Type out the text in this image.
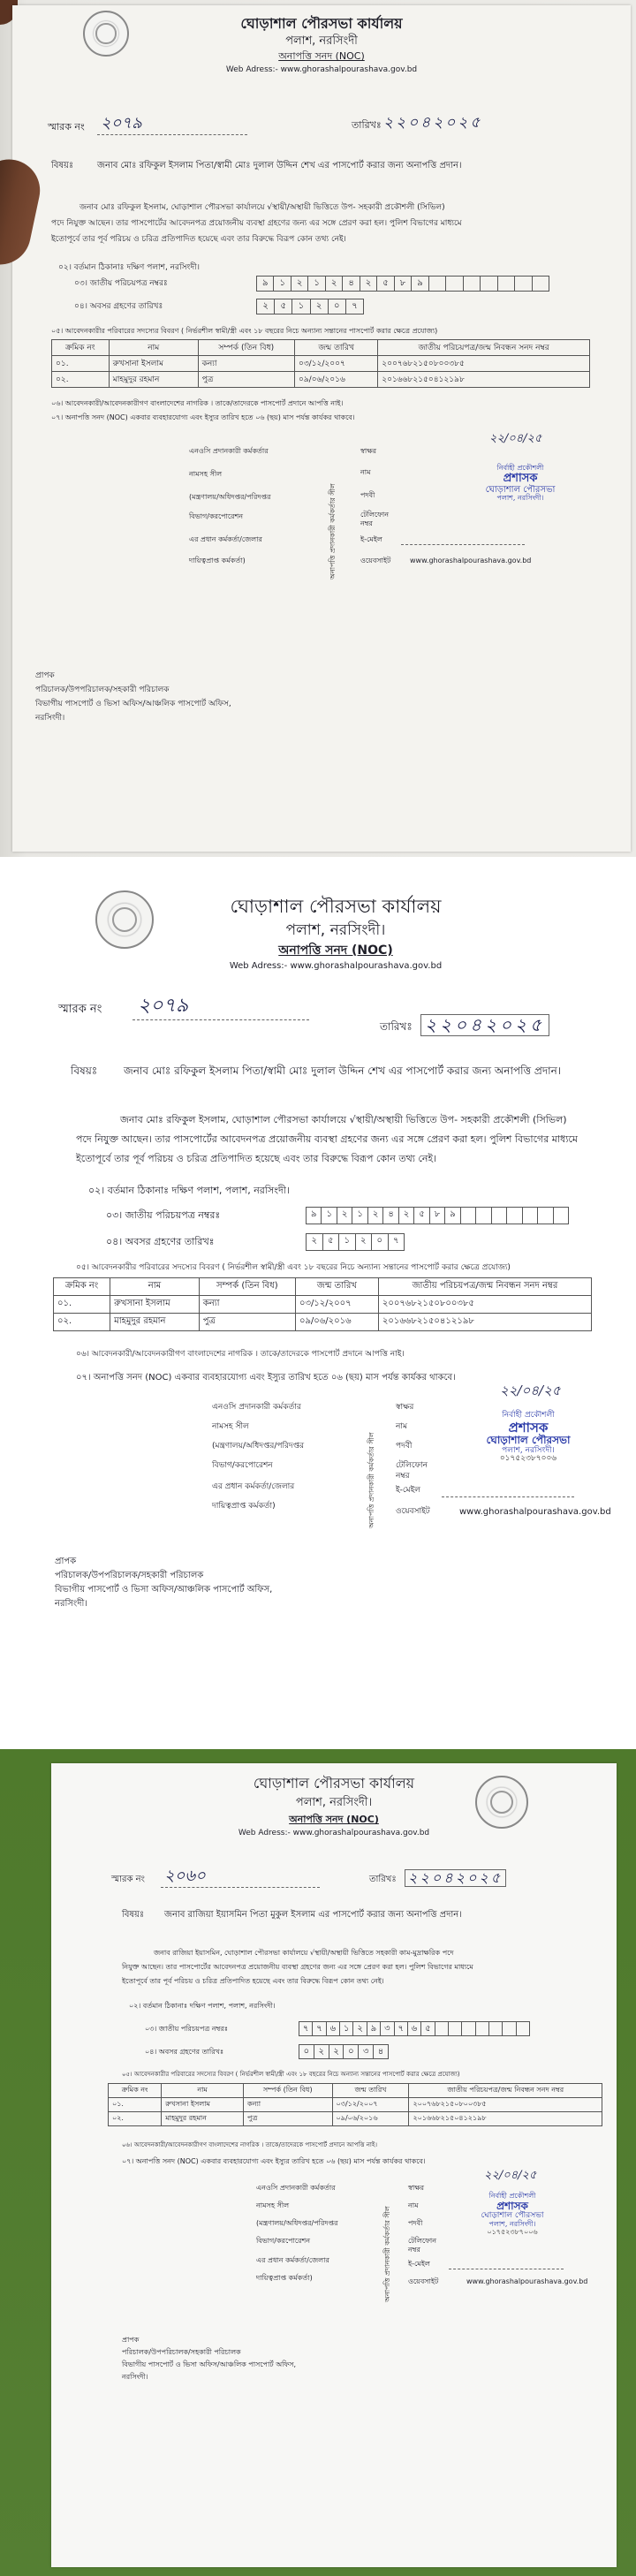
ঘোড়াশাল পৌরসভা কার্যালয়
পলাশ, নরসিংদী
অনাপত্তি সনদ (NOC)
Web Adress:- www.ghorashalpourashava.gov.bd
স্মারক নং ২০৭৯	তারিখঃ ২২০৪২০২৫
বিষয়ঃ	জনাব মোঃ রফিকুল ইসলাম পিতা/স্বামী মোঃ দুলাল উদ্দিন শেখ এর পাসপোর্ট করার জন্য অনাপত্তি প্রদান।
জনাব মোঃ রফিকুল ইসলাম, ঘোড়াশাল পৌরসভা কার্যালয়ে √স্থায়ী/অস্থায়ী ভিত্তিতে উপ- সহকারী প্রকৌশলী (সিভিল)
পদে নিযুক্ত আছেন। তার পাসপোর্টের আবেদনপত্র প্রয়োজনীয় ব্যবস্থা গ্রহণের জন্য এর সঙ্গে প্রেরণ করা হল। পুলিশ বিভাগের মাধ্যমে
ইতোপূর্বে তার পূর্ব পরিচয় ও চরিত্র প্রতিপাদিত হয়েছে এবং তার বিরুদ্ধে বিরূপ কোন তথ্য নেই।
০২। বর্তমান ঠিকানাঃ দক্ষিণ পলাশ, নরসিংদী।
০৩। জাতীয় পরিচয়পত্র নম্বরঃ	৯	১	২	১	২	৪	২	৫	৮	৯
০৪। অবসর গ্রহণের তারিখঃ	২	৫	১	২	০	৭
০৫। আবেদনকারীর পরিবারের সদস্যের বিবরণ ( নির্ভরশীল স্বামী/স্ত্রী এবং ১৮ বছরের নিচে অন্যান্য সন্তানের পাসপোর্ট করার ক্ষেত্রে প্রযোজ্য)
ক্রমিক নং	নাম	সম্পর্ক (তিন বিধ)	জন্ম তারিখ	জাতীয় পরিচয়পত্র/জন্ম নিবন্ধন সনদ নম্বর
০১.	রুখসানা ইসলাম	কন্যা	০৩/১২/২০০৭	২০০৭৬৮২১৫০৮০০৩৮৫
০২.	মাহমুদুর রহমান	পুত্র	০৯/০৬/২০১৬	২০১৬৬৮২১৫০৪১২১৯৮
০৬। আবেদনকারী/আবেদনকারীগণ বাংলাদেশের নাগরিক । তাকে/তাদেরকে পাসপোর্ট প্রদানে আপত্তি নাই।
০৭। অনাপত্তি সনদ (NOC) একবার ব্যবহারযোগ্য এবং ইস্যুর তারিখ হতে ০৬ (ছয়) মাস পর্যন্ত কার্যকর থাকবে।
এনওসি প্রদানকারী কর্মকর্তার
নামসহ সীল
(মন্ত্রণালয়/অধিদপ্তর/পরিদপ্তর
বিভাগ/করপোরেশন
এর প্রধান কর্মকর্তা/জেলার
দায়িত্বপ্রাপ্ত কর্মকর্তা)	অনাপত্তি প্রদানকারী কর্মকর্তার সীল
স্বাক্ষর
নাম
পদবী
টেলিফোন
নম্বর
ই-মেইল
ওয়েবসাইট	www.ghorashalpourashava.gov.bd
২২/০৪/২৫
নির্বাহী প্রকৌশলী
প্রশাসক
ঘোড়াশাল পৌরসভা
পলাশ, নরসিংদী।
প্রাপক
পরিচালক/উপপরিচালক/সহকারী পরিচালক
বিভাগীয় পাসপোর্ট ও ভিসা অফিস/আঞ্চলিক পাসপোর্ট অফিস,
নরসিংদী।
ঘোড়াশাল পৌরসভা কার্যালয়
পলাশ, নরসিংদী।
অনাপত্তি সনদ (NOC)
Web Adress:- www.ghorashalpourashava.gov.bd
স্মারক নং ২০৭৯
তারিখঃ ২২০৪২০২৫
বিষয়ঃ জনাব মোঃ রফিকুল ইসলাম পিতা/স্বামী মোঃ দুলাল উদ্দিন শেখ এর পাসপোর্ট করার জন্য অনাপত্তি প্রদান।
জনাব মোঃ রফিকুল ইসলাম, ঘোড়াশাল পৌরসভা কার্যালয়ে √স্থায়ী/অস্থায়ী ভিত্তিতে উপ- সহকারী প্রকৌশলী (সিভিল)
পদে নিযুক্ত আছেন। তার পাসপোর্টের আবেদনপত্র প্রয়োজনীয় ব্যবস্থা গ্রহণের জন্য এর সঙ্গে প্রেরণ করা হল। পুলিশ বিভাগের মাধ্যমে
ইতোপূর্বে তার পূর্ব পরিচয় ও চরিত্র প্রতিপাদিত হয়েছে এবং তার বিরুদ্ধে বিরূপ কোন তথ্য নেই।
০২। বর্তমান ঠিকানাঃ দক্ষিণ পলাশ, পলাশ, নরসিংদী।
০৩। জাতীয় পরিচয়পত্র নম্বরঃ	৯	১	২	১	২	৪	২	৫	৮	৯
০৪। অবসর গ্রহণের তারিখঃ	২	৫	১	২	০	৭
০৫। আবেদনকারীর পরিবারের সদস্যের বিবরণ ( নির্ভরশীল স্বামী/স্ত্রী এবং ১৮ বছরের নিচে অন্যান্য সন্তানের পাসপোর্ট করার ক্ষেত্রে প্রযোজ্য)
ক্রমিক নং	নাম	সম্পর্ক (তিন বিধ)	জন্ম তারিখ	জাতীয় পরিচয়পত্র/জন্ম নিবন্ধন সনদ নম্বর
০১.	রুখসানা ইসলাম	কন্যা	০৩/১২/২০০৭	২০০৭৬৮২১৫০৮০০৩৮৫
০২.	মাহমুদুর রহমান	পুত্র	০৯/০৬/২০১৬	২০১৬৬৮২১৫০৪১২১৯৮
০৬। আবেদনকারী/আবেদনকারীগণ বাংলাদেশের নাগরিক । তাকে/তাদেরকে পাসপোর্ট প্রদানে আপত্তি নাই।
০৭। অনাপত্তি সনদ (NOC) একবার ব্যবহারযোগ্য এবং ইস্যুর তারিখ হতে ০৬ (ছয়) মাস পর্যন্ত কার্যকর থাকবে।
এনওসি প্রদানকারী কর্মকর্তার
নামসহ সীল
(মন্ত্রণালয়/অধিদপ্তর/পরিদপ্তর
বিভাগ/করপোরেশন
এর প্রধান কর্মকর্তা/জেলার
দায়িত্বপ্রাপ্ত কর্মকর্তা)	অনাপত্তি প্রদানকারী কর্মকর্তার সীল
স্বাক্ষর
নাম
পদবী
টেলিফোন
নম্বর
ই-মেইল
ওয়েবসাইট	www.ghorashalpourashava.gov.bd
২২/০৪/২৫
নির্বাহী প্রকৌশলী
প্রশাসক
ঘোড়াশাল পৌরসভা
পলাশ, নরসিংদী।
০১৭৫২৩৮৭০০৬
প্রাপক
পরিচালক/উপপরিচালক/সহকারী পরিচালক
বিভাগীয় পাসপোর্ট ও ভিসা অফিস/আঞ্চলিক পাসপোর্ট অফিস,
নরসিংদী।
ঘোড়াশাল পৌরসভা কার্যালয়
পলাশ, নরসিংদী।
অনাপত্তি সনদ (NOC)
Web Adress:- www.ghorashalpourashava.gov.bd
স্মারক নং ২০৬০	তারিখঃ ২২০৪২০২৫
বিষয়ঃ জনাব রাজিয়া ইয়াসমিন পিতা মুকুল ইসলাম এর পাসপোর্ট করার জন্য অনাপত্তি প্রদান।
জনাব রাজিয়া ইয়াসমিন, ঘোড়াশাল পৌরসভা কার্যালয়ে √স্থায়ী/অস্থায়ী ভিত্তিতে সহকারী কাম-মুদ্রাক্ষরিক পদে
নিযুক্ত আছেন। তার পাসপোর্টের আবেদনপত্র প্রয়োজনীয় ব্যবস্থা গ্রহণের জন্য এর সঙ্গে প্রেরণ করা হল। পুলিশ বিভাগের মাধ্যমে
ইতোপূর্বে তার পূর্ব পরিচয় ও চরিত্র প্রতিপাদিত হয়েছে এবং তার বিরুদ্ধে বিরূপ কোন তথ্য নেই।
০২। বর্তমান ঠিকানাঃ দক্ষিণ পলাশ, পলাশ, নরসিংদী।
০৩। জাতীয় পরিচয়পত্র নম্বরঃ	৭ ৭ ৬ ১ ২ ৯ ৩ ৭ ৬ ৫
০৪। অবসর গ্রহণের তারিখঃ	০	২	২	০	৩	৪
০৫। আবেদনকারীর পরিবারের সদস্যের বিবরণ ( নির্ভরশীল স্বামী/স্ত্রী এবং ১৮ বছরের নিচে অন্যান্য সন্তানের পাসপোর্ট করার ক্ষেত্রে প্রযোজ্য)
ক্রমিক নং	নাম	সম্পর্ক (তিন বিধ)	জন্ম তারিখ	জাতীয় পরিচয়পত্র/জন্ম নিবন্ধন সনদ নম্বর
০১.	রুখসানা ইসলাম	কন্যা	০৩/১২/২০০৭	২০০৭৬৮২১৫০৮০০৩৮৫
০২.	মাহমুদুর রহমান	পুত্র	০৯/০৬/২০১৬	২০১৬৬৮২১৫০৪১২১৯৮
০৬। আবেদনকারী/আবেদনকারীগণ বাংলাদেশের নাগরিক । তাকে/তাদেরকে পাসপোর্ট প্রদানে আপত্তি নাই।
০৭। অনাপত্তি সনদ (NOC) একবার ব্যবহারযোগ্য এবং ইস্যুর তারিখ হতে ০৬ (ছয়) মাস পর্যন্ত কার্যকর থাকবে।
এনওসি প্রদানকারী কর্মকর্তার
নামসহ সীল
(মন্ত্রণালয়/অধিদপ্তর/পরিদপ্তর
বিভাগ/করপোরেশন
এর প্রধান কর্মকর্তা/জেলার
দায়িত্বপ্রাপ্ত কর্মকর্তা)	অনাপত্তি প্রদানকারী কর্মকর্তার সীল
স্বাক্ষর
নাম
পদবী
টেলিফোন
নম্বর
ই-মেইল
ওয়েবসাইট	www.ghorashalpourashava.gov.bd
২২/০৪/২৫
নির্বাহী প্রকৌশলী
প্রশাসক
ঘোড়াশাল পৌরসভা
পলাশ, নরসিংদী।
০১৭৫২৩৮৭০০৬
প্রাপক
পরিচালক/উপপরিচালক/সহকারী পরিচালক
বিভাগীয় পাসপোর্ট ও ভিসা অফিস/আঞ্চলিক পাসপোর্ট অফিস,
নরসিংদী।
